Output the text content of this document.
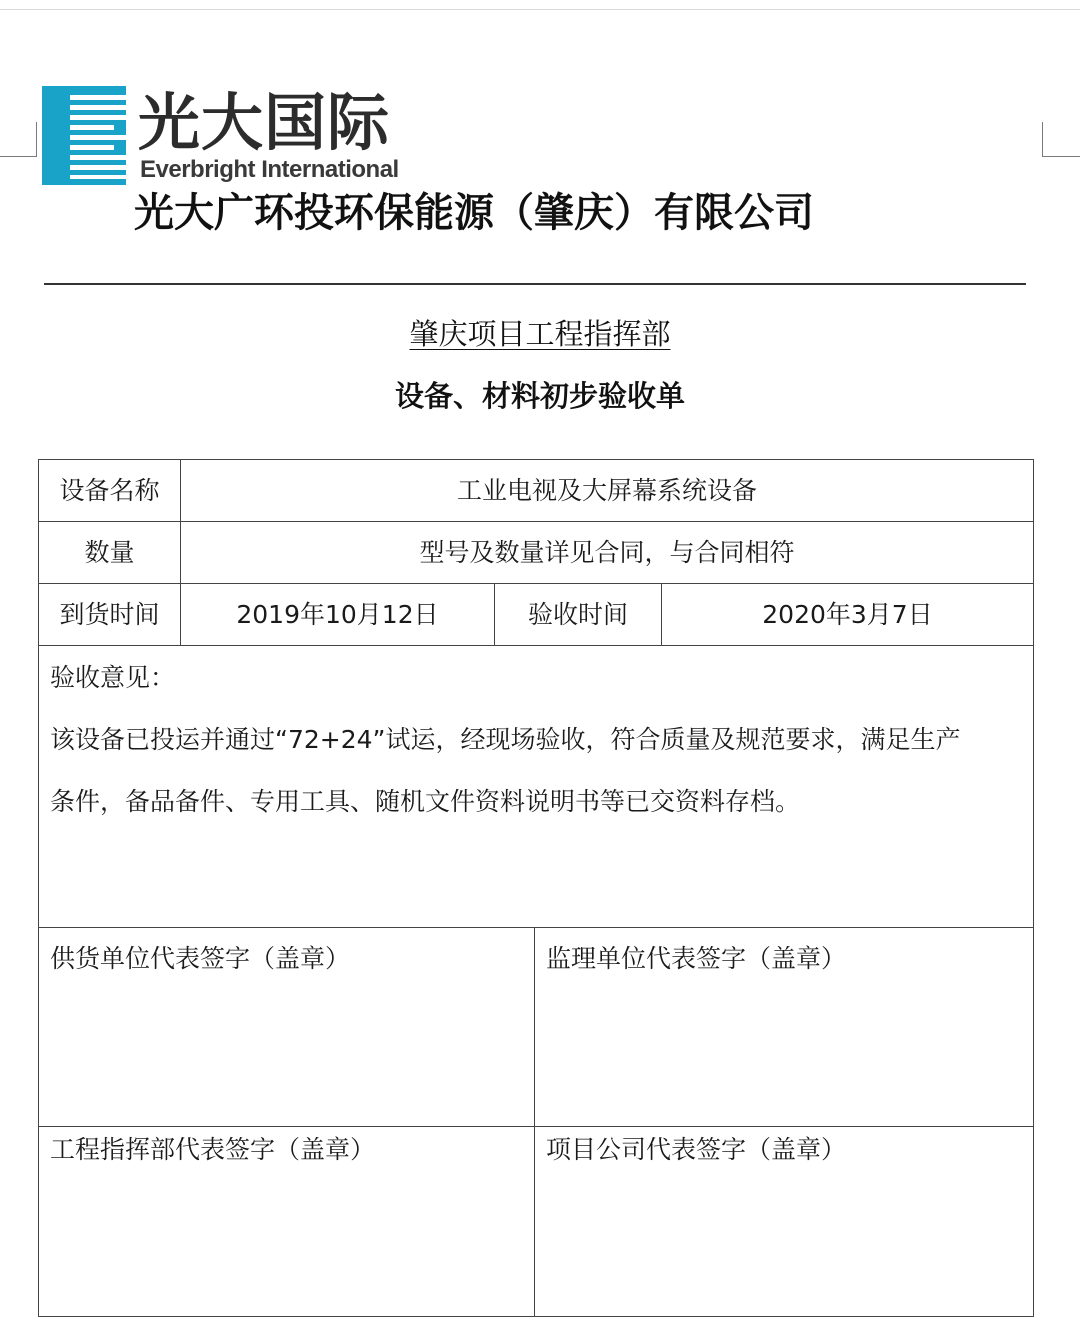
光大国际
Everbright International
光大广环投环保能源（肇庆）有限公司
肇庆项目工程指挥部
设备、材料初步验收单
设备名称	工业电视及大屏幕系统设备
数量	型号及数量详见合同，与合同相符
到货时间	2019年10月12日	验收时间	2020年3月7日
验收意见：
该设备已投运并通过“72+24”试运，经现场验收，符合质量及规范要求，满足生产
条件，备品备件、专用工具、随机文件资料说明书等已交资料存档。
供货单位代表签字（盖章）	监理单位代表签字（盖章）
工程指挥部代表签字（盖章）	项目公司代表签字（盖章）
